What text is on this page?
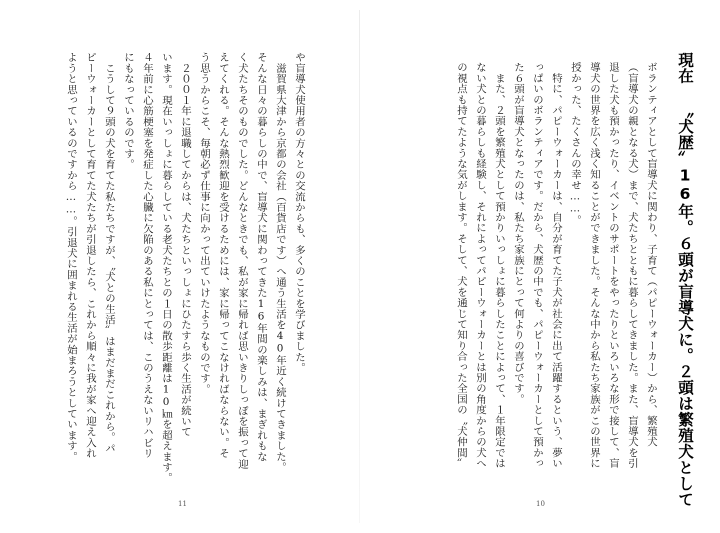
現在 〝犬歴〞16年。６頭が盲導犬に。２頭は繁殖犬として
ボランティアとして盲導犬に関わり、子育て（パピーウォーカー）から、繁殖犬
（盲導犬の親となる犬）まで、犬たちとともに暮らしてきました。また、盲導犬を引
退した犬も預かったり、イベントのサポートをやったりといろいろな形で接して、盲
導犬の世界を広く浅く知ることができました。そんな中から私たち家族がこの世界に
授かった、たくさんの幸せ……。
　特に、パピーウォーカーは、自分が育てた子犬が社会に出て活躍するという、夢い
っぱいのボランティアです。だから、犬歴の中でも、パピーウォーカーとして預かっ
た６頭が盲導犬となったのは、私たち家族にとって何よりの喜びです。
　また、２頭を繁殖犬として預かりいっしょに暮らしたことによって、１年限定では
ない犬との暮らしも経験し、それによってパピーウォーカーとは別の角度からの犬へ
の視点も持てたような気がします。そして、犬を通じて知り合った全国の〝犬仲間〞
や盲導犬使用者の方々との交流からも、多くのことを学びました。
　滋賀県大津から京都の会社（百貨店です）へ通う生活を40年近く続けてきました。
そんな日々の暮らしの中で、盲導犬に関わってきた16年間の楽しみは、まぎれもな
く犬たちそのものでした。どんなときでも、私が家に帰れば思いきりしっぽを振って迎
えてくれる。そんな熱烈歓迎を受けるためには、家に帰ってこなければならない。そ
う思うからこそ、毎朝必ず仕事に向かって出ていけたようなものです。
　２００１年に退職してからは、犬たちといっしょにひたすら歩く生活が続いて
います。現在いっしょに暮らしている老犬たちとの１日の散歩距離は10㎞を超えます。
４年前に心筋梗塞を発症した心臓に欠陥のある私にとっては、このうえないリハビリ
にもなっているのです。
　こうして９頭の犬を育てた私たちですが、〝犬との生活〞はまだまだこれから。パ
ピーウォーカーとして育てた犬たちが引退したら、これから順々に我が家へ迎え入れ
ようと思っているのですから……。引退犬に囲まれる生活が始まろうとしています。
10
11
